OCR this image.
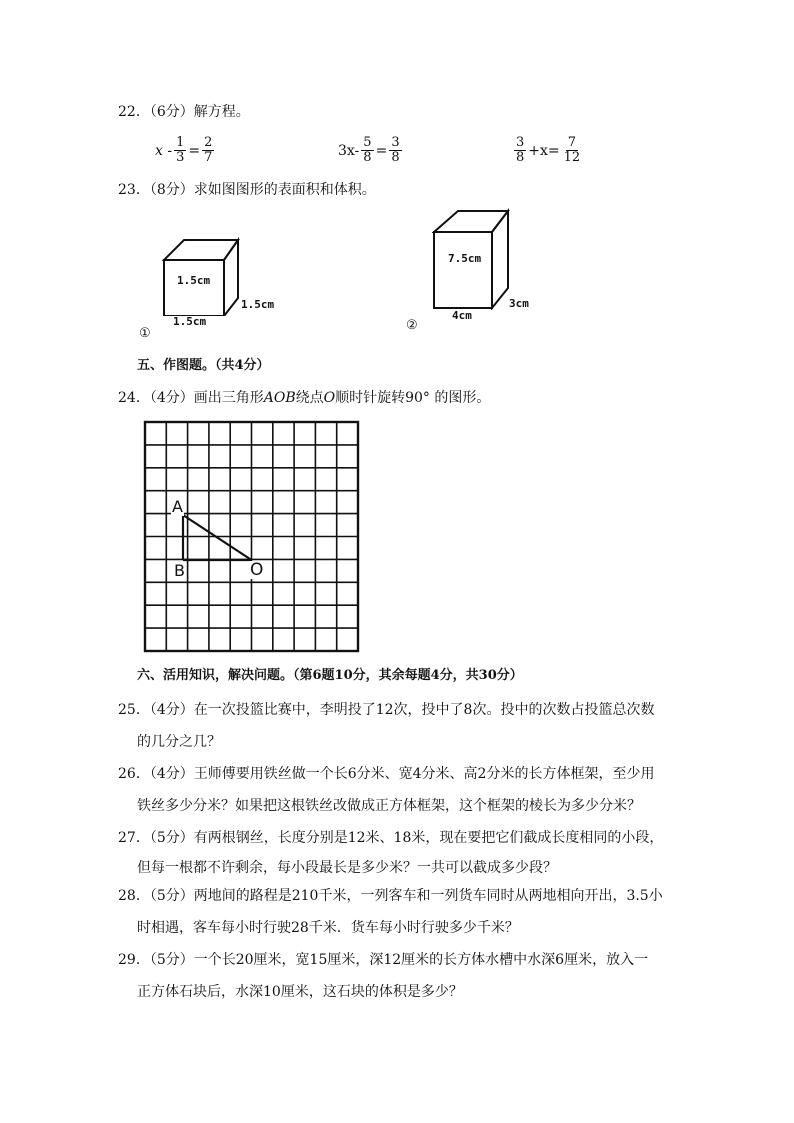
22．（6分）解方程。
$x - \frac{1}{3} = \frac{2}{7}$	$3x- \frac{5}{8} = \frac{3}{8}$	$\frac{3}{8} +x= \frac{7}{12}$
23．（8分）求如图图形的表面积和体积。
1.5cm
1.5cm
1.5cm
①
7.5cm
4cm
3cm
②
五、作图题。（共4分）
24．（4分）画出三角形AOB绕点O顺时针旋转90° 的图形。
A
B	O
六、活用知识，解决问题。（第6题10分，其余每题4分，共30分）
25．（4分）在一次投篮比赛中，李明投了12次，投中了8次。投中的次数占投篮总次数
的几分之几？
26．（4分）王师傅要用铁丝做一个长6分米、宽4分米、高2分米的长方体框架，至少用
铁丝多少分米？如果把这根铁丝改做成正方体框架，这个框架的棱长为多少分米？
27．（5分）有两根钢丝，长度分别是12米、18米，现在要把它们截成长度相同的小段，
但每一根都不许剩余，每小段最长是多少米？一共可以截成多少段？
28．（5分）两地间的路程是210千米，一列客车和一列货车同时从两地相向开出，3.5小
时相遇，客车每小时行驶28千米．货车每小时行驶多少千米？
29．（5分）一个长20厘米，宽15厘米，深12厘米的长方体水槽中水深6厘米，放入一
正方体石块后，水深10厘米，这石块的体积是多少？
